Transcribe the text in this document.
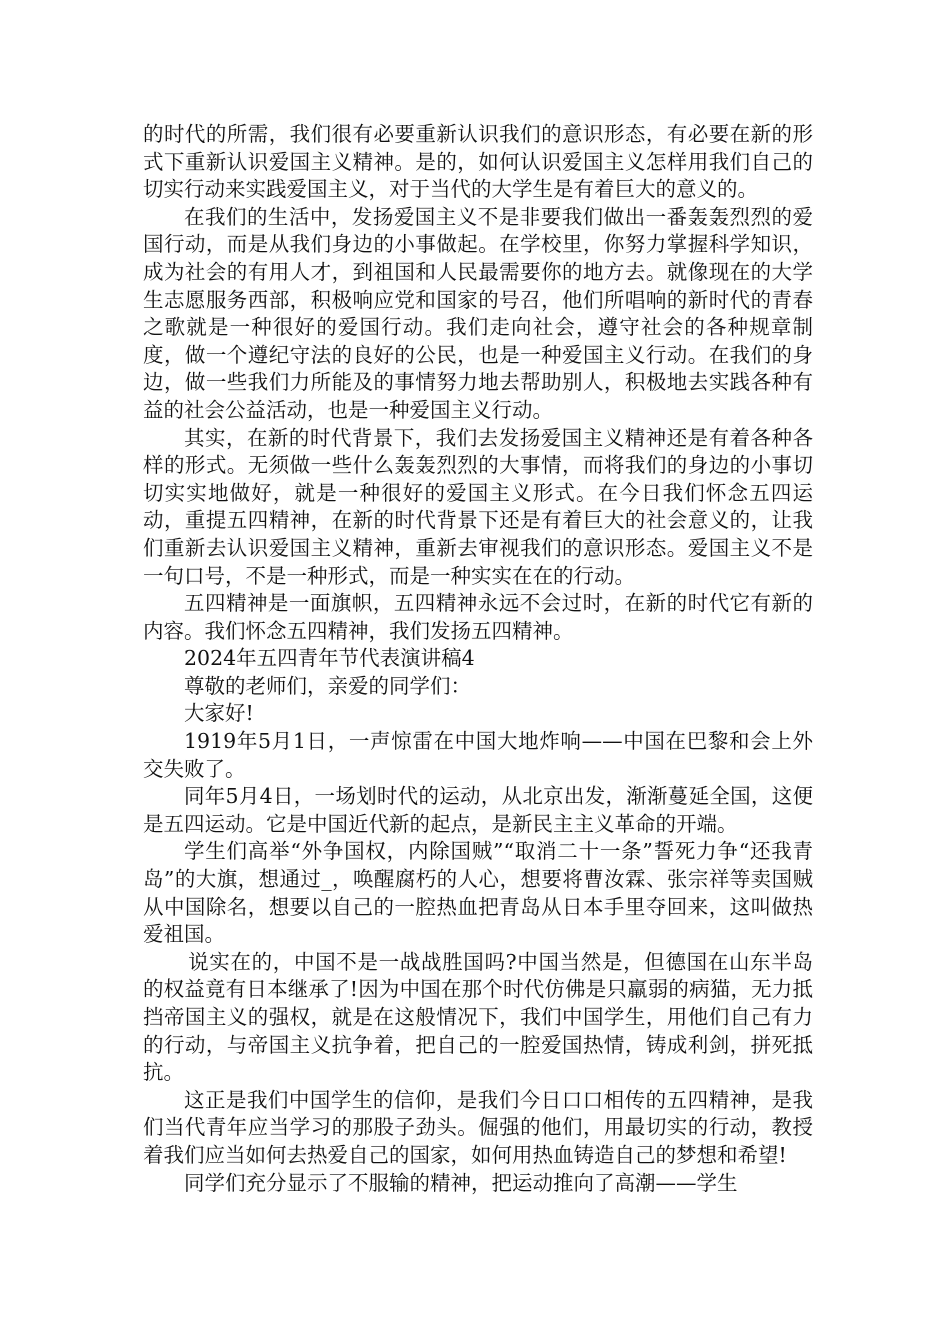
的时代的所需，我们很有必要重新认识我们的意识形态，有必要在新的形式下重新认识爱国主义精神。是的，如何认识爱国主义怎样用我们自己的切实行动来实践爱国主义，对于当代的大学生是有着巨大的意义的。

在我们的生活中，发扬爱国主义不是非要我们做出一番轰轰烈烈的爱国行动，而是从我们身边的小事做起。在学校里，你努力掌握科学知识，成为社会的有用人才，到祖国和人民最需要你的地方去。就像现在的大学生志愿服务西部，积极响应党和国家的号召，他们所唱响的新时代的青春之歌就是一种很好的爱国行动。我们走向社会，遵守社会的各种规章制度，做一个遵纪守法的良好的公民，也是一种爱国主义行动。在我们的身边，做一些我们力所能及的事情努力地去帮助别人，积极地去实践各种有益的社会公益活动，也是一种爱国主义行动。

其实，在新的时代背景下，我们去发扬爱国主义精神还是有着各种各样的形式。无须做一些什么轰轰烈烈的大事情，而将我们的身边的小事切切实实地做好，就是一种很好的爱国主义形式。在今日我们怀念五四运动，重提五四精神，在新的时代背景下还是有着巨大的社会意义的，让我们重新去认识爱国主义精神，重新去审视我们的意识形态。爱国主义不是一句口号，不是一种形式，而是一种实实在在的行动。

五四精神是一面旗帜，五四精神永远不会过时，在新的时代它有新的内容。我们怀念五四精神，我们发扬五四精神。

2024年五四青年节代表演讲稿4

尊敬的老师们，亲爱的同学们：

大家好!

1919年5月1日，一声惊雷在中国大地炸响——中国在巴黎和会上外交失败了。

同年5月4日，一场划时代的运动，从北京出发，渐渐蔓延全国，这便是五四运动。它是中国近代新的起点，是新民主主义革命的开端。

学生们高举“外争国权，内除国贼”“取消二十一条”誓死力争“还我青岛”的大旗，想通过_，唤醒腐朽的人心，想要将曹汝霖、张宗祥等卖国贼从中国除名，想要以自己的一腔热血把青岛从日本手里夺回来，这叫做热爱祖国。

说实在的，中国不是一战战胜国吗?中国当然是，但德国在山东半岛的权益竟有日本继承了!因为中国在那个时代仿佛是只羸弱的病猫，无力抵挡帝国主义的强权，就是在这般情况下，我们中国学生，用他们自己有力的行动，与帝国主义抗争着，把自己的一腔爱国热情，铸成利剑，拼死抵抗。

这正是我们中国学生的信仰，是我们今日口口相传的五四精神，是我们当代青年应当学习的那股子劲头。倔强的他们，用最切实的行动，教授着我们应当如何去热爱自己的国家，如何用热血铸造自己的梦想和希望!

同学们充分显示了不服输的精神，把运动推向了高潮——学生
